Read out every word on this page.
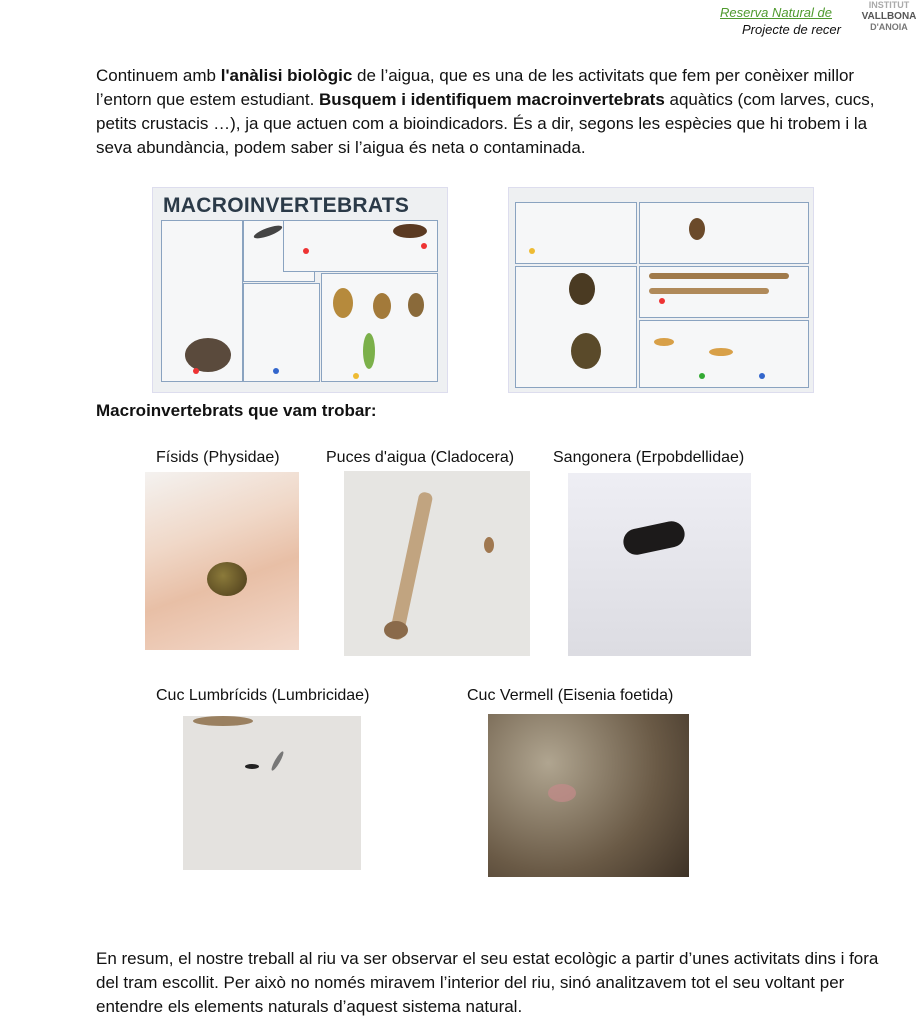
Reserva Natural de
Projecte de recer
INSTITUT
VALLBONA
D'ANOIA
Continuem amb l'anàlisi biològic de l’aigua, que es una de les activitats que fem per conèixer millor l’entorn que estem estudiant. Busquem i identifiquem macroinvertebrats aquàtics (com larves, cucs, petits crustacis …), ja que actuen com a bioindicadors. És a dir, segons les espècies que hi trobem i la seva abundància, podem saber si l’aigua és neta o contaminada.
MACROINVERTEBRATS
Macroinvertebrats que vam trobar:
Físids (Physidae)	Puces d'aigua (Cladocera) Sangonera (Erpobdellidae)
Cuc Lumbrícids (Lumbricidae)	Cuc Vermell (Eisenia foetida)
En resum, el nostre treball al riu va ser observar el seu estat ecològic a partir d’unes activitats dins i fora del tram escollit. Per això no només miravem l’interior del riu, sinó analitzavem tot el seu voltant per entendre els elements naturals d’aquest sistema natural.
